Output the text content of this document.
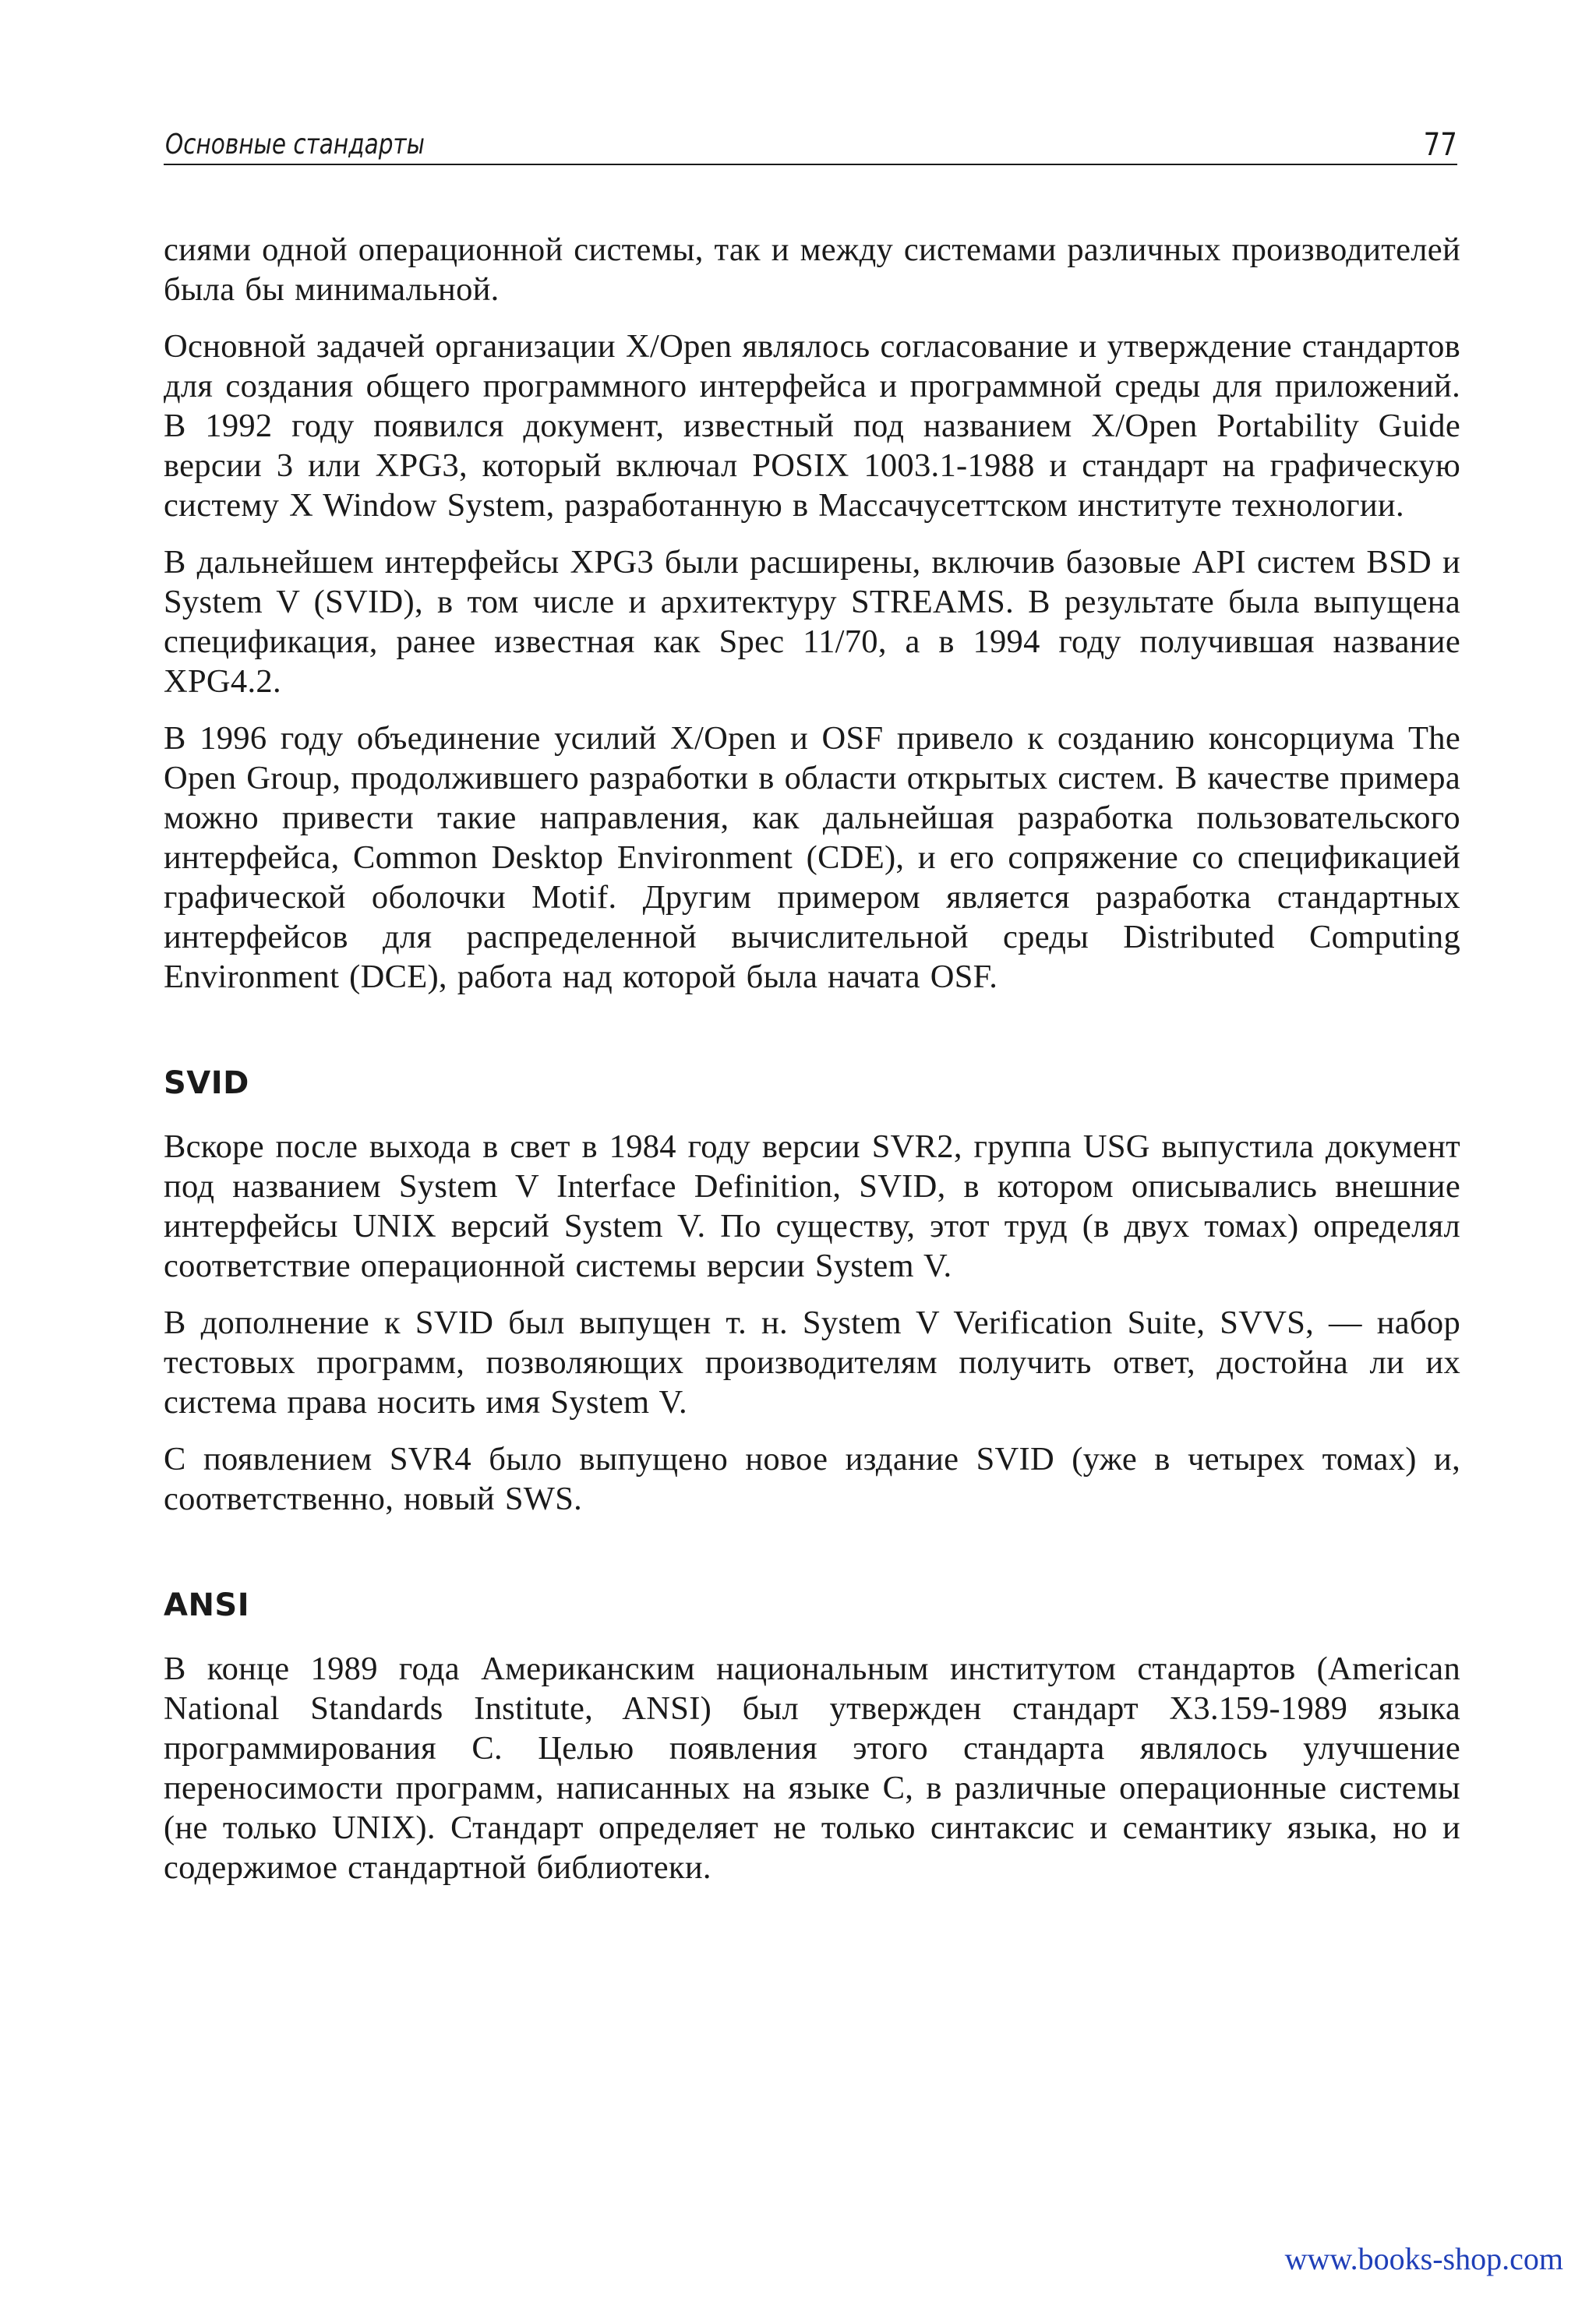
Основные стандарты	77

сиями одной операционной системы, так и между системами различных производителей была бы минимальной.

Основной задачей организации X/Open являлось согласование и утверждение стандартов для создания общего программного интерфейса и программной среды для приложений. В 1992 году появился документ, известный под названием X/Open Portability Guide версии 3 или XPG3, который включал POSIX 1003.1-1988 и стандарт на графическую систему X Window System, разработанную в Массачусеттском институте технологии.

В дальнейшем интерфейсы XPG3 были расширены, включив базовые API систем BSD и System V (SVID), в том числе и архитектуру STREAMS. В результате была выпущена спецификация, ранее известная как Spec 11/70, а в 1994 году получившая название XPG4.2.

В 1996 году объединение усилий X/Open и OSF привело к созданию консорциума The Open Group, продолжившего разработки в области открытых систем. В качестве примера можно привести такие направления, как дальнейшая разработка пользовательского интерфейса, Common Desktop Environment (CDE), и его сопряжение со спецификацией графической оболочки Motif. Другим примером является разработка стандартных интерфейсов для распределенной вычислительной среды Distributed Computing Environment (DCE), работа над которой была начата OSF.

SVID

Вскоре после выхода в свет в 1984 году версии SVR2, группа USG выпустила документ под названием System V Interface Definition, SVID, в котором описывались внешние интерфейсы UNIX версий System V. По существу, этот труд (в двух томах) определял соответствие операционной системы версии System V.

В дополнение к SVID был выпущен т. н. System V Verification Suite, SVVS, — набор тестовых программ, позволяющих производителям получить ответ, достойна ли их система права носить имя System V.

С появлением SVR4 было выпущено новое издание SVID (уже в четырех томах) и, соответственно, новый SWS.

ANSI

В конце 1989 года Американским национальным институтом стандартов (American National Standards Institute, ANSI) был утвержден стандарт X3.159-1989 языка программирования С. Целью появления этого стандарта являлось улучшение переносимости программ, написанных на языке С, в различные операционные системы (не только UNIX). Стандарт определяет не только синтаксис и семантику языка, но и содержимое стандартной библиотеки.

www.books-shop.com
